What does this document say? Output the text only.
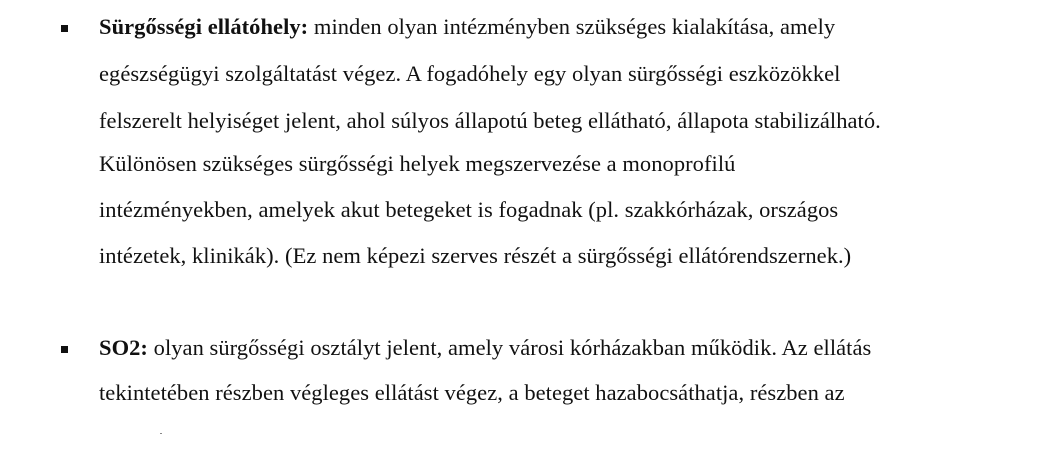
Sürgősségi ellátóhely: minden olyan intézményben szükséges kialakítása, amely
egészségügyi szolgáltatást végez. A fogadóhely egy olyan sürgősségi eszközökkel
felszerelt helyiséget jelent, ahol súlyos állapotú beteg ellátható, állapota stabilizálható.
Különösen szükséges sürgősségi helyek megszervezése a monoprofilú
intézményekben, amelyek akut betegeket is fogadnak (pl. szakkórházak, országos
intézetek, klinikák). (Ez nem képezi szerves részét a sürgősségi ellátórendszernek.)
SO2: olyan sürgősségi osztályt jelent, amely városi kórházakban működik. Az ellátás
tekintetében részben végleges ellátást végez, a beteget hazabocsáthatja, részben az
